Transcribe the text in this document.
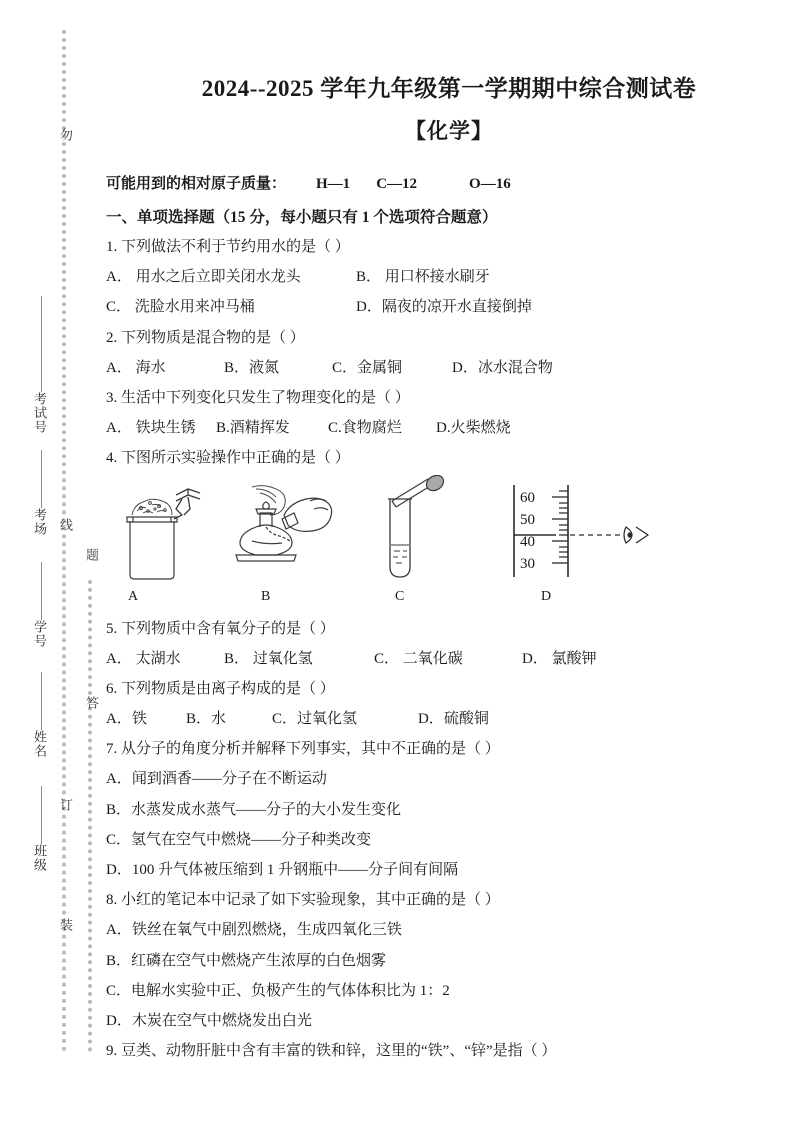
考试号
考场
学号
姓名
班级
勿
线
订
装
题
答
2024--2025 学年九年级第一学期期中综合测试卷
【化学】
可能用到的相对原子质量： H—1 C—12	O—16
一、单项选择题（15 分，每小题只有 1 个选项符合题意）
1. 下列做法不利于节约用水的是（ ）
A． 用水之后立即关闭水龙头	B． 用口杯接水刷牙
C． 洗脸水用来冲马桶	D．隔夜的凉开水直接倒掉
2. 下列物质是混合物的是（ ）
A． 海水	B．液氮	C．金属铜	D．冰水混合物
3. 生活中下列变化只发生了物理变化的是（ ）
A． 铁块生锈 B.酒精挥发	C.食物腐烂 D.火柴燃烧
4. 下图所示实验操作中正确的是（ ）
60
50
40
30
A	B	C	D
5. 下列物质中含有氧分子的是（ ）
A． 太湖水	B． 过氧化氢	C． 二氧化碳	D． 氯酸钾
6. 下列物质是由离子构成的是（ ）
A．铁	B．水	C．过氧化氢	D．硫酸铜
7. 从分子的角度分析并解释下列事实，其中不正确的是（ ）
A．闻到酒香——分子在不断运动
B．水蒸发成水蒸气——分子的大小发生变化
C．氢气在空气中燃烧——分子种类改变
D．100 升气体被压缩到 1 升钢瓶中——分子间有间隔
8. 小红的笔记本中记录了如下实验现象，其中正确的是（ ）
A．铁丝在氧气中剧烈燃烧，生成四氧化三铁
B．红磷在空气中燃烧产生浓厚的白色烟雾
C．电解水实验中正、负极产生的气体体积比为 1：2
D．木炭在空气中燃烧发出白光
9. 豆类、动物肝脏中含有丰富的铁和锌，这里的“铁”、“锌”是指（ ）
